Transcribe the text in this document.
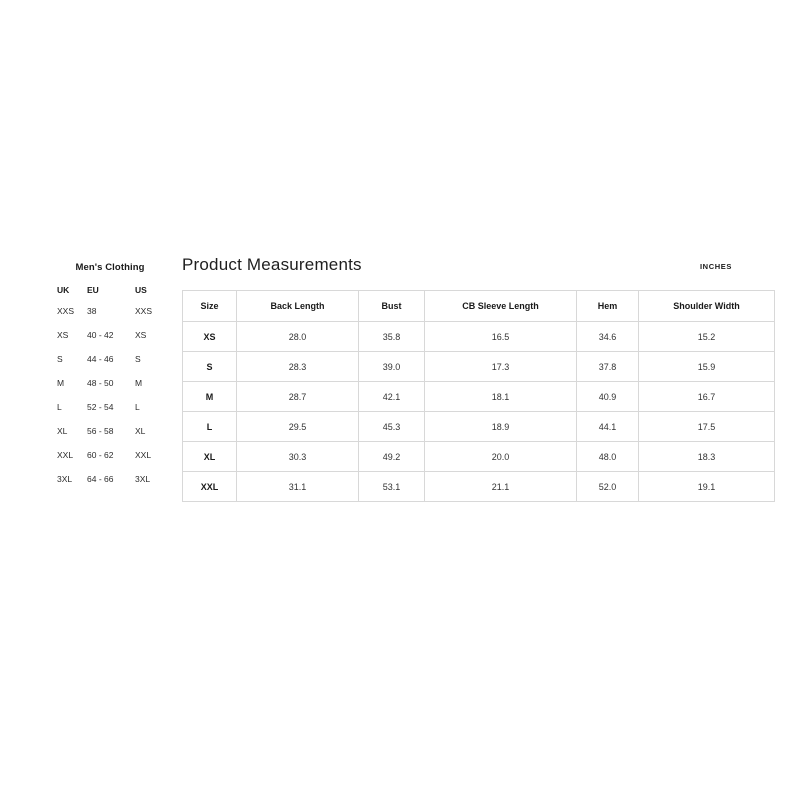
Men's Clothing
UK	EU	US
XXS	38	XXS
XS	40 - 42	XS
S	44 - 46	S
M	48 - 50	M
L	52 - 54	L
XL	56 - 58	XL
XXL	60 - 62	XXL
3XL	64 - 66	3XL
Product Measurements	INCHES
Size	Back Length	Bust	CB Sleeve Length	Hem	Shoulder Width
XS	28.0	35.8	16.5	34.6	15.2
S	28.3	39.0	17.3	37.8	15.9
M	28.7	42.1	18.1	40.9	16.7
L	29.5	45.3	18.9	44.1	17.5
XL	30.3	49.2	20.0	48.0	18.3
XXL	31.1	53.1	21.1	52.0	19.1
